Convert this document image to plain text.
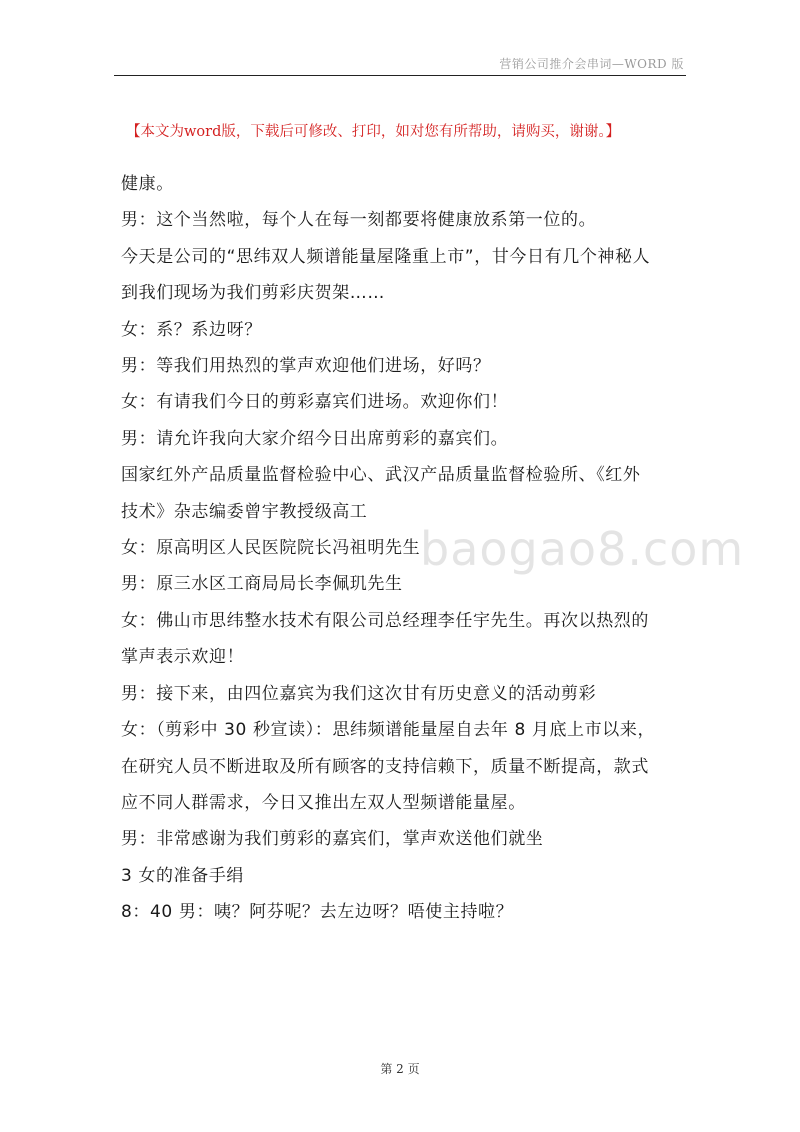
营销公司推介会串词—WORD 版
【本文为word版，下载后可修改、打印，如对您有所帮助，请购买，谢谢。】
健康。
男：这个当然啦，每个人在每一刻都要将健康放系第一位的。
今天是公司的“思纬双人频谱能量屋隆重上市”，甘今日有几个神秘人
到我们现场为我们剪彩庆贺架……
女：系？系边呀？
男：等我们用热烈的掌声欢迎他们进场，好吗？
女：有请我们今日的剪彩嘉宾们进场。欢迎你们！
男：请允许我向大家介绍今日出席剪彩的嘉宾们。
国家红外产品质量监督检验中心、武汉产品质量监督检验所、《红外
技术》杂志编委曾宇教授级高工
女：原高明区人民医院院长冯祖明先生
男：原三水区工商局局长李佩玑先生
女：佛山市思纬整水技术有限公司总经理李任宇先生。再次以热烈的
掌声表示欢迎！
男：接下来，由四位嘉宾为我们这次甘有历史意义的活动剪彩
女：（剪彩中 30 秒宣读）：思纬频谱能量屋自去年 8 月底上市以来，
在研究人员不断进取及所有顾客的支持信赖下，质量不断提高，款式
应不同人群需求，今日又推出左双人型频谱能量屋。
男：非常感谢为我们剪彩的嘉宾们，掌声欢送他们就坐
3 女的准备手绢
8：40 男：咦？阿芬呢？去左边呀？唔使主持啦？
baogao8.com
第 2 页
